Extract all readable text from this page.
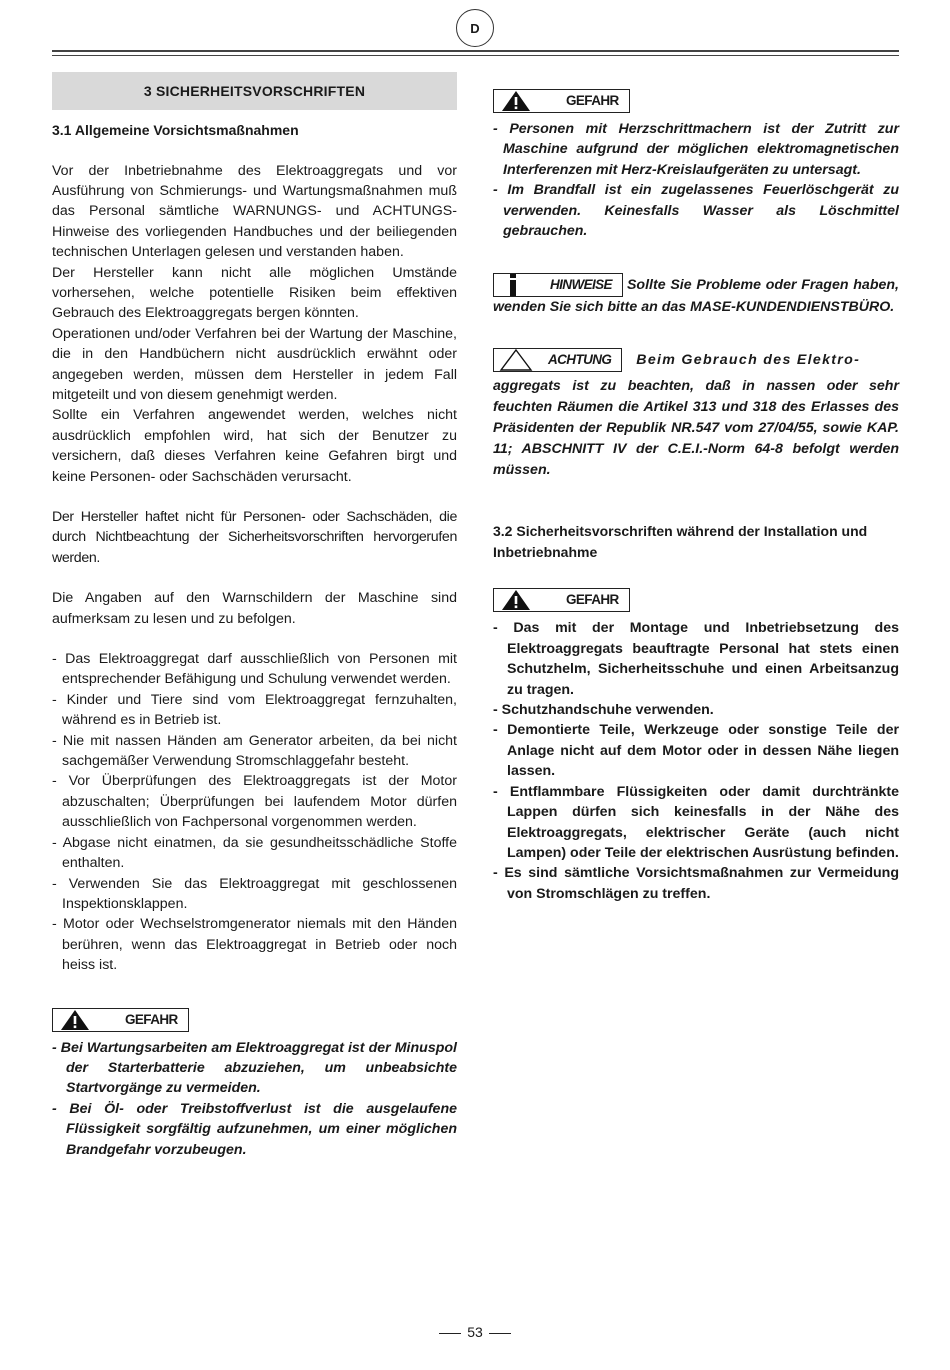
D
3 SICHERHEITSVORSCHRIFTEN
3.1 Allgemeine Vorsichtsmaßnahmen

Vor der Inbetriebnahme des Elektroaggregats und vor Ausführung von Schmierungs- und Wartungsmaßnahmen muß das Personal sämtliche WARNUNGS- und ACHTUNGS-Hinweise des vorliegenden Handbuches und der beiliegenden technischen Unterlagen gelesen und verstanden haben.

Der Hersteller kann nicht alle möglichen Umstände vorhersehen, welche potentielle Risiken beim effektiven Gebrauch des Elektroaggregats bergen könnten.

Operationen und/oder Verfahren bei der Wartung der Maschine, die in den Handbüchern nicht ausdrücklich erwähnt oder angegeben werden, müssen dem Hersteller in jedem Fall mitgeteilt und von diesem genehmigt werden.

Sollte ein Verfahren angewendet werden, welches nicht ausdrücklich empfohlen wird, hat sich der Benutzer zu versichern, daß dieses Verfahren keine Gefahren birgt und keine Personen- oder Sachschäden verursacht.

Der Hersteller haftet nicht für Personen- oder Sachschäden, die durch Nichtbeachtung der Sicherheitsvorschriften hervorgerufen werden.

Die Angaben auf den Warnschildern der Maschine sind aufmerksam zu lesen und zu befolgen.

- Das Elektroaggregat darf ausschließlich von Personen mit entsprechender Befähigung und Schulung verwendet werden.
- Kinder und Tiere sind vom Elektroaggregat fernzuhalten, während es in Betrieb ist.
- Nie mit nassen Händen am Generator arbeiten, da bei nicht sachgemäßer Verwendung Stromschlaggefahr besteht.
- Vor Überprüfungen des Elektroaggregats ist der Motor abzuschalten; Überprüfungen bei laufendem Motor dürfen ausschließlich von Fachpersonal vorgenommen werden.
- Abgase nicht einatmen, da sie gesundheitsschädliche Stoffe enthalten.
- Verwenden Sie das Elektroaggregat mit geschlossenen Inspektionsklappen.
- Motor oder Wechselstromgenerator niemals mit den Händen berühren, wenn das Elektroaggregat in Betrieb oder noch heiss ist.
GEFAHR
- Bei Wartungsarbeiten am Elektroaggregat ist der Minuspol der Starterbatterie abzuziehen, um unbeabsichte Startvorgänge zu vermeiden.
- Bei Öl- oder Treibstoffverlust ist die ausgelaufene Flüssigkeit sorgfältig aufzunehmen, um einer möglichen Brandgefahr vorzubeugen.
GEFAHR
- Personen mit Herzschrittmachern ist der Zutritt zur Maschine aufgrund der möglichen elektromagnetischen Interferenzen mit Herz-Kreislaufgeräten zu untersagt.
- Im Brandfall ist ein zugelassenes Feuerlöschgerät zu verwenden. Keinesfalls Wasser als Löschmittel gebrauchen.
HINWEISE	Sollte Sie Probleme oder Fragen haben, wenden Sie sich bitte an das MASE-KUNDENDIENSTBÜRO.
ACHTUNG	Beim Gebrauch des Elektro-

aggregats ist zu beachten, daß in nassen oder sehr feuchten Räumen die Artikel 313 und 318 des Erlasses des Präsidenten der Republik NR.547 vom 27/04/55, sowie KAP. 11; ABSCHNITT IV der C.E.I.-Norm 64-8 befolgt werden müssen.

3.2 Sicherheitsvorschriften während der Installation und Inbetriebnahme
GEFAHR
- Das mit der Montage und Inbetriebsetzung des Elektroaggregats beauftragte Personal hat stets einen Schutzhelm, Sicherheitsschuhe und einen Arbeitsanzug zu tragen.
- Schutzhandschuhe verwenden.
- Demontierte Teile, Werkzeuge oder sonstige Teile der Anlage nicht auf dem Motor oder in dessen Nähe liegen lassen.
- Entflammbare Flüssigkeiten oder damit durchtränkte Lappen dürfen sich keinesfalls in der Nähe des Elektroaggregats, elektrischer Geräte (auch nicht Lampen) oder Teile der elektrischen Ausrüstung befinden.
- Es sind sämtliche Vorsichtsmaßnahmen zur Vermeidung von Stromschlägen zu treffen.
53
